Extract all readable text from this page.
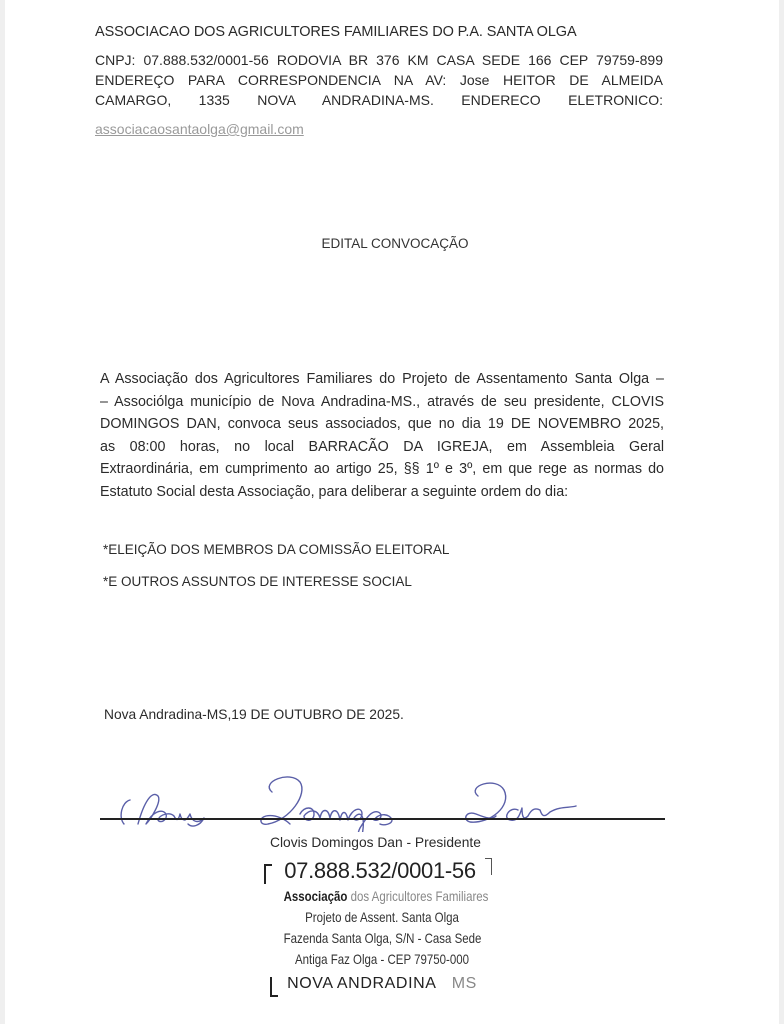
ASSOCIACAO DOS AGRICULTORES FAMILIARES DO P.A. SANTA OLGA
CNPJ: 07.888.532/0001-56 RODOVIA BR 376 KM CASA SEDE 166 CEP 79759-899
ENDEREÇO PARA CORRESPONDENCIA NA AV: Jose HEITOR DE ALMEIDA
CAMARGO, 1335 NOVA ANDRADINA-MS. ENDERECO ELETRONICO:
associacaosantaolga@gmail.com
EDITAL CONVOCAÇÃO
A Associação dos Agricultores Familiares do Projeto de Assentamento Santa Olga –
– Associólga município de Nova Andradina-MS., através de seu presidente, CLOVIS
DOMINGOS DAN, convoca seus associados, que no dia 19 DE NOVEMBRO 2025,
as 08:00 horas, no local BARRACÃO DA IGREJA, em Assembleia Geral
Extraordinária, em cumprimento ao artigo 25, §§ 1º e 3º, em que rege as normas do
Estatuto Social desta Associação, para deliberar a seguinte ordem do dia:
*ELEIÇÃO DOS MEMBROS DA COMISSÃO ELEITORAL
*E OUTROS ASSUNTOS DE INTERESSE SOCIAL
Nova Andradina-MS,19 DE OUTUBRO DE 2025.
Clovis Domingos Dan - Presidente
07.888.532/0001-56
Associação dos Agricultores Familiares
Projeto de Assent. Santa Olga
Fazenda Santa Olga, S/N - Casa Sede
Antiga Faz Olga - CEP 79750-000
NOVA ANDRADINA MS
